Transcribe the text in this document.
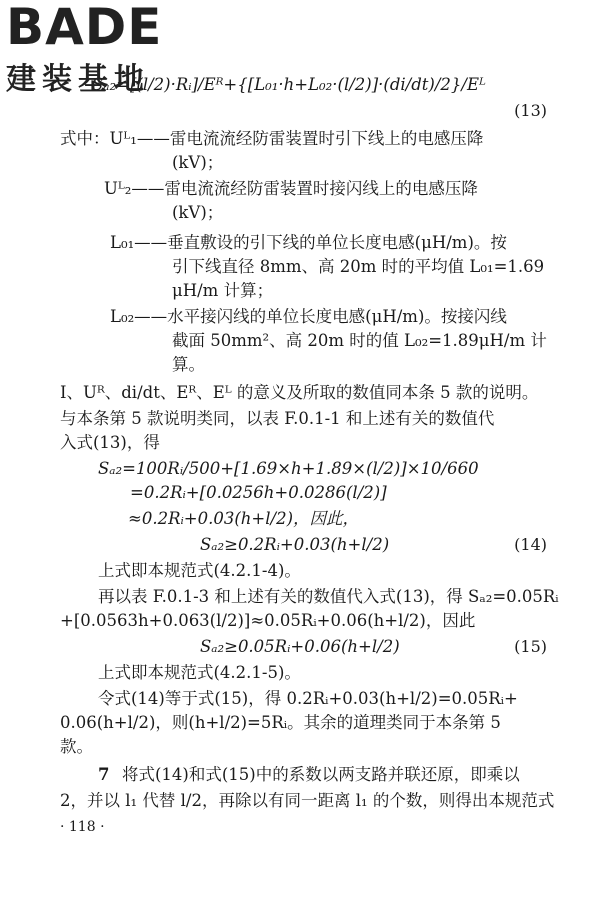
BADE
建装基地
Sₐ₂=[(l/2)·Rᵢ]/Eᴿ+{[L₀₁·h+L₀₂·(l/2)]·(di/dt)/2}/Eᴸ
(13)
式中：Uᴸ₁——雷电流流经防雷装置时引下线上的电感压降
(kV)；
Uᴸ₂——雷电流流经防雷装置时接闪线上的电感压降
(kV)；
L₀₁——垂直敷设的引下线的单位长度电感(μH/m)。按
引下线直径 8mm、高 20m 时的平均值 L₀₁=1.69
μH/m 计算；
L₀₂——水平接闪线的单位长度电感(μH/m)。按接闪线
截面 50mm²、高 20m 时的值 L₀₂=1.89μH/m 计
算。
I、Uᴿ、di/dt、Eᴿ、Eᴸ 的意义及所取的数值同本条 5 款的说明。
与本条第 5 款说明类同，以表 F.0.1-1 和上述有关的数值代
入式(13)，得
Sₐ₂=100Rᵢ/500+[1.69×h+1.89×(l/2)]×10/660
=0.2Rᵢ+[0.0256h+0.0286(l/2)]
≈0.2Rᵢ+0.03(h+l/2)，因此，
Sₐ₂≥0.2Rᵢ+0.03(h+l/2)	(14)
上式即本规范式(4.2.1-4)。
再以表 F.0.1-3 和上述有关的数值代入式(13)，得 Sₐ₂=0.05Rᵢ
+[0.0563h+0.063(l/2)]≈0.05Rᵢ+0.06(h+l/2)，因此
Sₐ₂≥0.05Rᵢ+0.06(h+l/2)	(15)
上式即本规范式(4.2.1-5)。
令式(14)等于式(15)，得 0.2Rᵢ+0.03(h+l/2)=0.05Rᵢ+
0.06(h+l/2)，则(h+l/2)=5Rᵢ。其余的道理类同于本条第 5
款。
7 将式(14)和式(15)中的系数以两支路并联还原，即乘以
2，并以 l₁ 代替 l/2，再除以有同一距离 l₁ 的个数，则得出本规范式
· 118 ·
